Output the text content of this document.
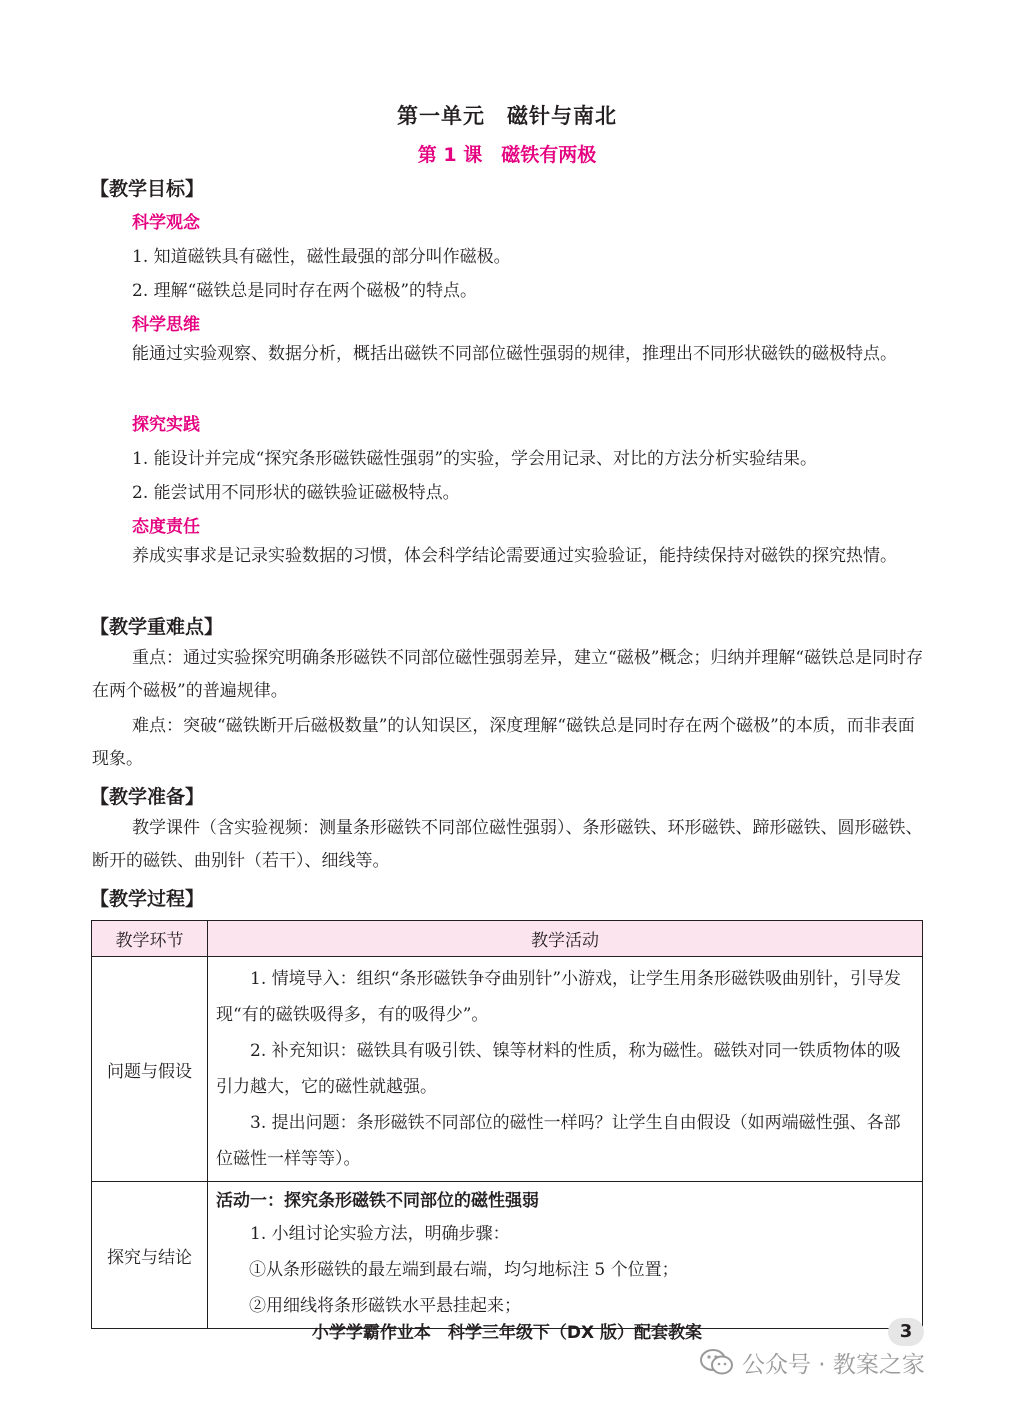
第一单元　磁针与南北
第 1 课　磁铁有两极
【教学目标】
科学观念
1. 知道磁铁具有磁性，磁性最强的部分叫作磁极。
2. 理解“磁铁总是同时存在两个磁极”的特点。
科学思维
能通过实验观察、数据分析，概括出磁铁不同部位磁性强弱的规律，推理出不同形状磁铁的磁极特点。
探究实践
1. 能设计并完成“探究条形磁铁磁性强弱”的实验，学会用记录、对比的方法分析实验结果。
2. 能尝试用不同形状的磁铁验证磁极特点。
态度责任
养成实事求是记录实验数据的习惯，体会科学结论需要通过实验验证，能持续保持对磁铁的探究热情。
【教学重难点】
重点：通过实验探究明确条形磁铁不同部位磁性强弱差异，建立“磁极”概念；归纳并理解“磁铁总是同时存在两个磁极”的普遍规律。
难点：突破“磁铁断开后磁极数量”的认知误区，深度理解“磁铁总是同时存在两个磁极”的本质，而非表面现象。
【教学准备】
教学课件（含实验视频：测量条形磁铁不同部位磁性强弱）、条形磁铁、环形磁铁、蹄形磁铁、圆形磁铁、断开的磁铁、曲别针（若干）、细线等。
【教学过程】
教学环节	教学活动
问题与假设	1. 情境导入：组织“条形磁铁争夺曲别针”小游戏，让学生用条形磁铁吸曲别针，引导发现“有的磁铁吸得多，有的吸得少”。

2. 补充知识：磁铁具有吸引铁、镍等材料的性质，称为磁性。磁铁对同一铁质物体的吸引力越大，它的磁性就越强。

3. 提出问题：条形磁铁不同部位的磁性一样吗？让学生自由假设（如两端磁性强、各部位磁性一样等等）。

探究与结论	活动一：探究条形磁铁不同部位的磁性强弱

1. 小组讨论实验方法，明确步骤：

①从条形磁铁的最左端到最右端，均匀地标注 5 个位置；

②用细线将条形磁铁水平悬挂起来；

小学学霸作业本　科学三年级下（DX 版）配套教案	3
公众号 · 教案之家
